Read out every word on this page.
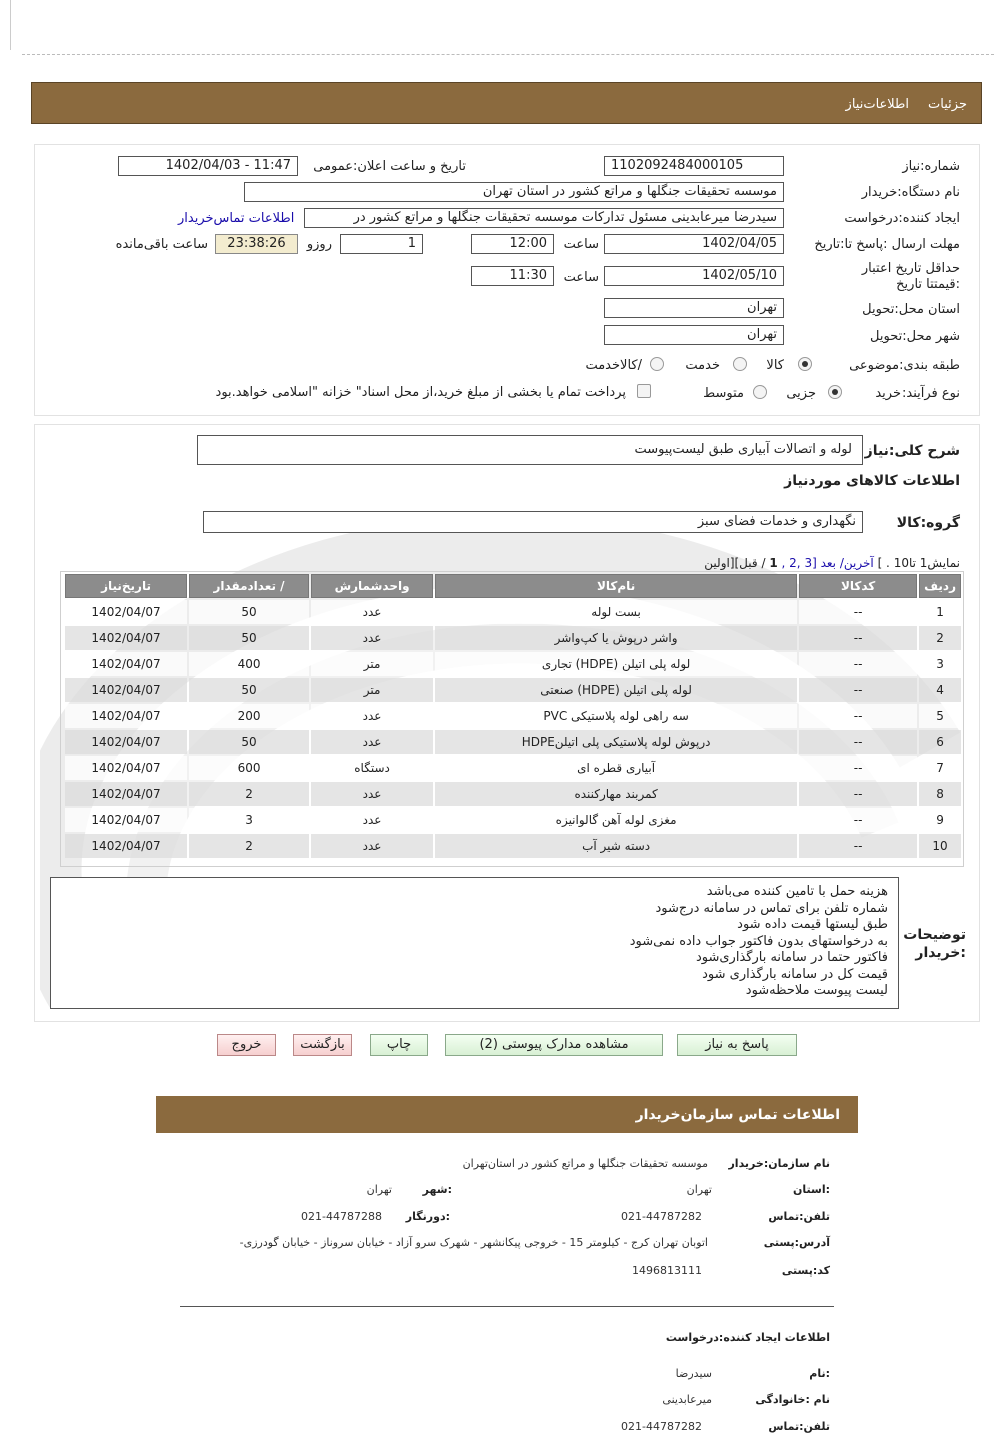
جزئیات
اطلاعات‌نیاز
شماره:نیاز
1102092484000105
تاریخ و ساعت اعلان:عمومی
1402/04/03 - 11:47
نام دستگاه:خریدار
موسسه تحقیقات جنگلها و مراتع کشور در استان تهران
ایجاد کننده:درخواست
سیدرضا میرعابدینی مسئول تدارکات موسسه تحقیقات جنگلها و مراتع کشور در
اطلاعات تماس‌خریدار
مهلت ارسال :پاسخ تا:تاریخ
1402/04/05
ساعت
12:00
1
روزو
23:38:26
ساعت باقی‌مانده
حداقل تاریخ اعتبار :قیمتتا تاریخ
1402/05/10
ساعت
11:30
استان محل:تحویل
تهران
شهر محل:تحویل
تهران
طبقه بندی:موضوعی
کالا
خدمت
/کالاخدمت
نوع فرآیند:
خرید
جزیی
متوسط
پرداخت تمام یا بخشی از مبلغ خرید،از محل اسناد" خزانه "اسلامی خواهد.بود
شرح کلی:نیاز
لوله و اتصالات آبیاری طبق لیست‌پیوست
اطلاعات کالاهای موردنیاز
گروه:کالا
نگهداری و خدمات فضای سبز
نمایش1 تا10 . ] آخرین/ بعد [3 ,2 , 1 / قبل][اولین
ردیف	کدکالا	نام‌کالا	واحدشمارش	/ تعدادمقدار	تاریخ‌نیاز
1	--	بست لوله	عدد	50	1402/04/07
2	--	واشر درپوش یا کپ‌واشر	عدد	50	1402/04/07
3	--	لوله پلی اتیلن (HDPE) تجاری	متر	400	1402/04/07
4	--	لوله پلی اتیلن (HDPE) صنعتی	متر	50	1402/04/07
5	--	سه راهی لوله پلاستیکی PVC	عدد	200	1402/04/07
6	--	درپوش لوله پلاستیکی پلی اتیلنHDPE	عدد	50	1402/04/07
7	--	آبیاری قطره ای	دستگاه	600	1402/04/07
8	--	کمربند مهارکننده	عدد	2	1402/04/07
9	--	مغزی لوله آهن گالوانیزه	عدد	3	1402/04/07
10	--	دسته شیر آب	عدد	2	1402/04/07
توضیحات :خریدار
هزینه حمل با تامین کننده می‌باشد
شماره تلفن برای تماس در سامانه درج‌شود
طبق لیستها قیمت داده شود
به درخواستهای بدون فاکتور جواب داده نمی‌شود
فاکتور حتما در سامانه بارگذاری‌شود
قیمت کل در سامانه بارگذاری شود
لیست پیوست ملاحظه‌شود
پاسخ به نیاز
مشاهده مدارک پیوستی (2)
چاپ
بازگشت
خروج
اطلاعات تماس سازمان‌خریدار
نام سازمان:خریدار
موسسه تحقیقات جنگلها و مراتع کشور در استان‌تهران
:استان
تهران
:شهر
تهران
تلفن:تماس
021-44787282
:دورنگار
021-44787288
آدرس:پستی
اتوبان تهران کرج - کیلومتر 15 - خروجی پیکانشهر - شهرک سرو آزاد - خیابان سروناز - خیابان گودرزی-
کد:پستی
1496813111
اطلاعات ایجاد کننده:درخواست
:نام
سیدرضا
نام :خانوادگی
میرعابدینی
تلفن:تماس
021-44787282
